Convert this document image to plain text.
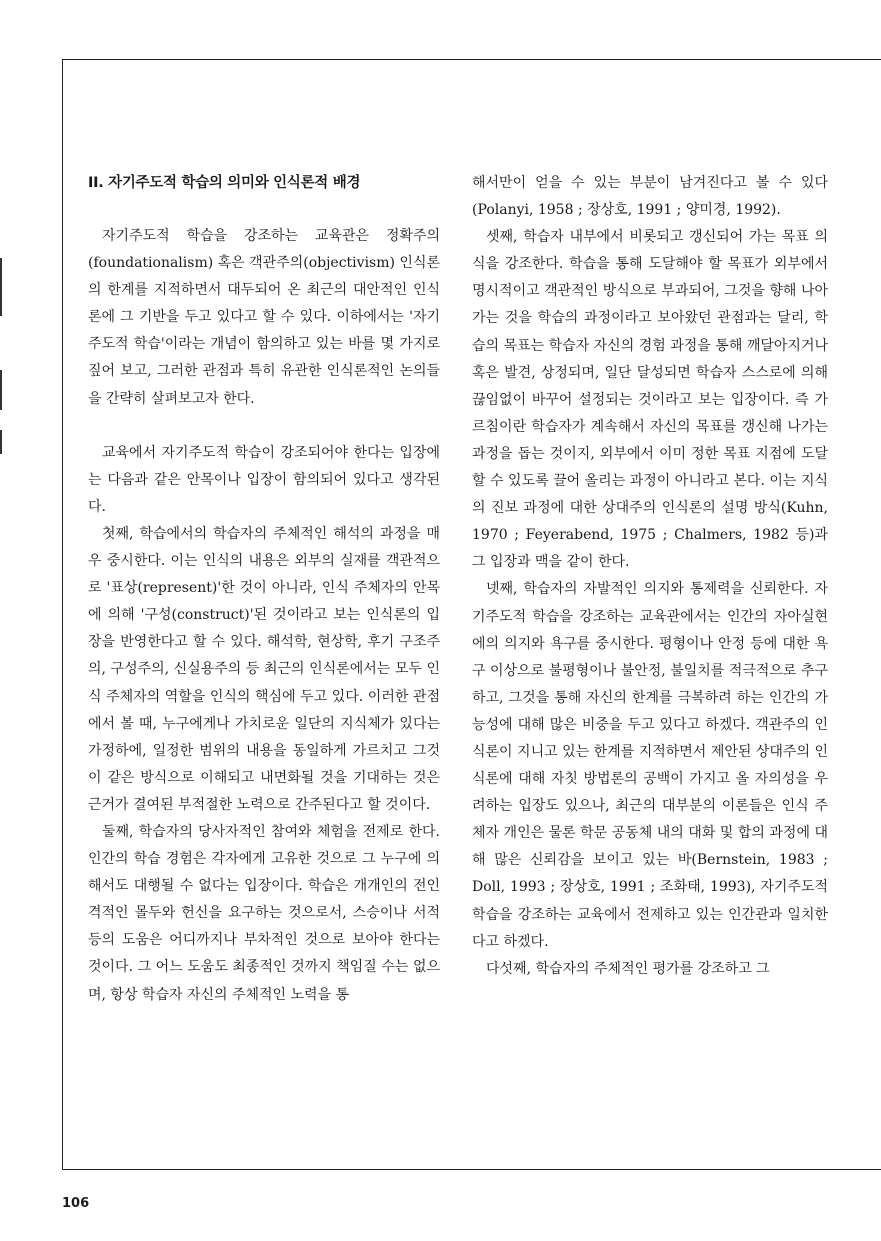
II. 자기주도적 학습의 의미와 인식론적 배경

자기주도적 학습을 강조하는 교육관은 정확주의(foundationalism) 혹은 객관주의(objectivism) 인식론의 한계를 지적하면서 대두되어 온 최근의 대안적인 인식론에 그 기반을 두고 있다고 할 수 있다. 이하에서는 '자기주도적 학습'이라는 개념이 함의하고 있는 바를 몇 가지로 짚어 보고, 그러한 관점과 특히 유관한 인식론적인 논의들을 간략히 살펴보고자 한다.

교육에서 자기주도적 학습이 강조되어야 한다는 입장에는 다음과 같은 안목이나 입장이 함의되어 있다고 생각된다.

첫째, 학습에서의 학습자의 주체적인 해석의 과정을 매우 중시한다. 이는 인식의 내용은 외부의 실재를 객관적으로 '표상(represent)'한 것이 아니라, 인식 주체자의 안목에 의해 '구성(construct)'된 것이라고 보는 인식론의 입장을 반영한다고 할 수 있다. 해석학, 현상학, 후기 구조주의, 구성주의, 신실용주의 등 최근의 인식론에서는 모두 인식 주체자의 역할을 인식의 핵심에 두고 있다. 이러한 관점에서 볼 때, 누구에게나 가치로운 일단의 지식체가 있다는 가정하에, 일정한 범위의 내용을 동일하게 가르치고 그것이 같은 방식으로 이해되고 내면화될 것을 기대하는 것은 근거가 결여된 부적절한 노력으로 간주된다고 할 것이다.

둘째, 학습자의 당사자적인 참여와 체험을 전제로 한다. 인간의 학습 경험은 각자에게 고유한 것으로 그 누구에 의해서도 대행될 수 없다는 입장이다. 학습은 개개인의 전인격적인 몰두와 헌신을 요구하는 것으로서, 스승이나 서적 등의 도움은 어디까지나 부차적인 것으로 보아야 한다는 것이다. 그 어느 도움도 최종적인 것까지 책임질 수는 없으며, 항상 학습자 자신의 주체적인 노력을 통

해서만이 얻을 수 있는 부분이 남겨진다고 볼 수 있다(Polanyi, 1958 ; 장상호, 1991 ; 양미경, 1992).

셋째, 학습자 내부에서 비롯되고 갱신되어 가는 목표 의식을 강조한다. 학습을 통해 도달해야 할 목표가 외부에서 명시적이고 객관적인 방식으로 부과되어, 그것을 향해 나아가는 것을 학습의 과정이라고 보아왔던 관점과는 달리, 학습의 목표는 학습자 자신의 경험 과정을 통해 깨달아지거나 혹은 발견, 상정되며, 일단 달성되면 학습자 스스로에 의해 끊임없이 바꾸어 설정되는 것이라고 보는 입장이다. 즉 가르침이란 학습자가 계속해서 자신의 목표를 갱신해 나가는 과정을 돕는 것이지, 외부에서 이미 정한 목표 지점에 도달할 수 있도록 끌어 올리는 과정이 아니라고 본다. 이는 지식의 진보 과정에 대한 상대주의 인식론의 설명 방식(Kuhn, 1970 ; Feyerabend, 1975 ; Chalmers, 1982 등)과 그 입장과 맥을 같이 한다.

넷째, 학습자의 자발적인 의지와 통제력을 신뢰한다. 자기주도적 학습을 강조하는 교육관에서는 인간의 자아실현에의 의지와 욕구를 중시한다. 평형이나 안정 등에 대한 욕구 이상으로 불평형이나 불안정, 불일치를 적극적으로 추구하고, 그것을 통해 자신의 한계를 극복하려 하는 인간의 가능성에 대해 많은 비중을 두고 있다고 하겠다. 객관주의 인식론이 지니고 있는 한계를 지적하면서 제안된 상대주의 인식론에 대해 자칫 방법론의 공백이 가지고 올 자의성을 우려하는 입장도 있으나, 최근의 대부분의 이론들은 인식 주체자 개인은 물론 학문 공동체 내의 대화 및 합의 과정에 대해 많은 신뢰감을 보이고 있는 바(Bernstein, 1983 ; Doll, 1993 ; 장상호, 1991 ; 조화태, 1993), 자기주도적 학습을 강조하는 교육에서 전제하고 있는 인간관과 일치한다고 하겠다.

다섯째, 학습자의 주체적인 평가를 강조하고 그

106
